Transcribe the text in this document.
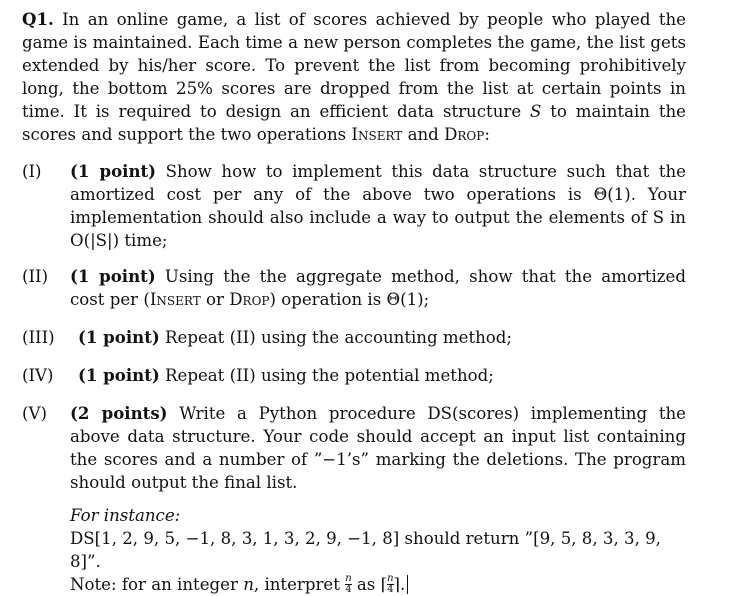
Q1. In an online game, a list of scores achieved by people who played the game is maintained. Each time a new person completes the game, the list gets extended by his/her score. To prevent the list from becoming prohibitively long, the bottom 25% scores are dropped from the list at certain points in time. It is required to design an efficient data structure S to maintain the scores and support the two operations Insert and Drop:
(I) (1 point) Show how to implement this data structure such that the amortized cost per any of the above two operations is Θ(1). Your implementation should also include a way to output the elements of S in O(|S|) time;
(II) (1 point) Using the the aggregate method, show that the amortized cost per (Insert or Drop) operation is Θ(1);
(III) (1 point) Repeat (II) using the accounting method;
(IV) (1 point) Repeat (II) using the potential method;
(V) (2 points) Write a Python procedure DS(scores) implementing the above data structure. Your code should accept an input list containing the scores and a number of ”−1’s” marking the deletions. The program should output the final list.
For instance:
DS[1, 2, 9, 5, −1, 8, 3, 1, 3, 2, 9, −1, 8] should return ”[9, 5, 8, 3, 3, 9, 8]”.
Note: for an integer n, interpret $\frac{n}{4}$ as ⌈ $\frac{n}{4}$ ⌉.
